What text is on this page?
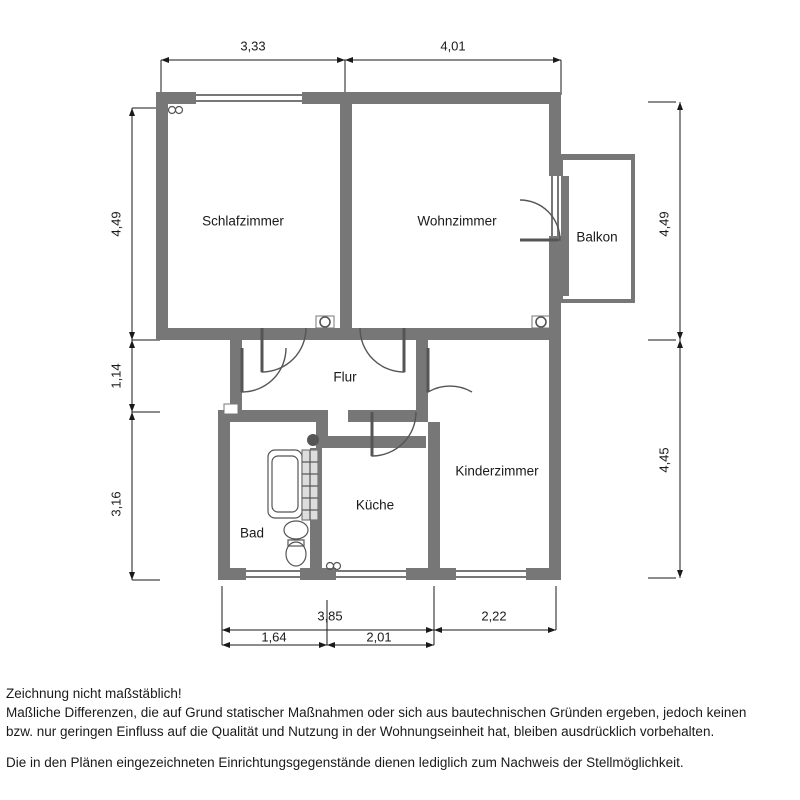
Schlafzimmer	Wohnzimmer
Balkon
Flur
Bad
Küche
Kinderzimmer
3,33	4,01
4,49
1,14
3,16
4,49
4,45
3,85	2,22
1,64	2,01
Zeichnung nicht maßstäblich!
Maßliche Differenzen, die auf Grund statischer Maßnahmen oder sich aus bautechnischen Gründen ergeben, jedoch keinen
bzw. nur geringen Einfluss auf die Qualität und Nutzung in der Wohnungseinheit hat, bleiben ausdrücklich vorbehalten.
Die in den Plänen eingezeichneten Einrichtungsgegenstände dienen lediglich zum Nachweis der Stellmöglichkeit.
